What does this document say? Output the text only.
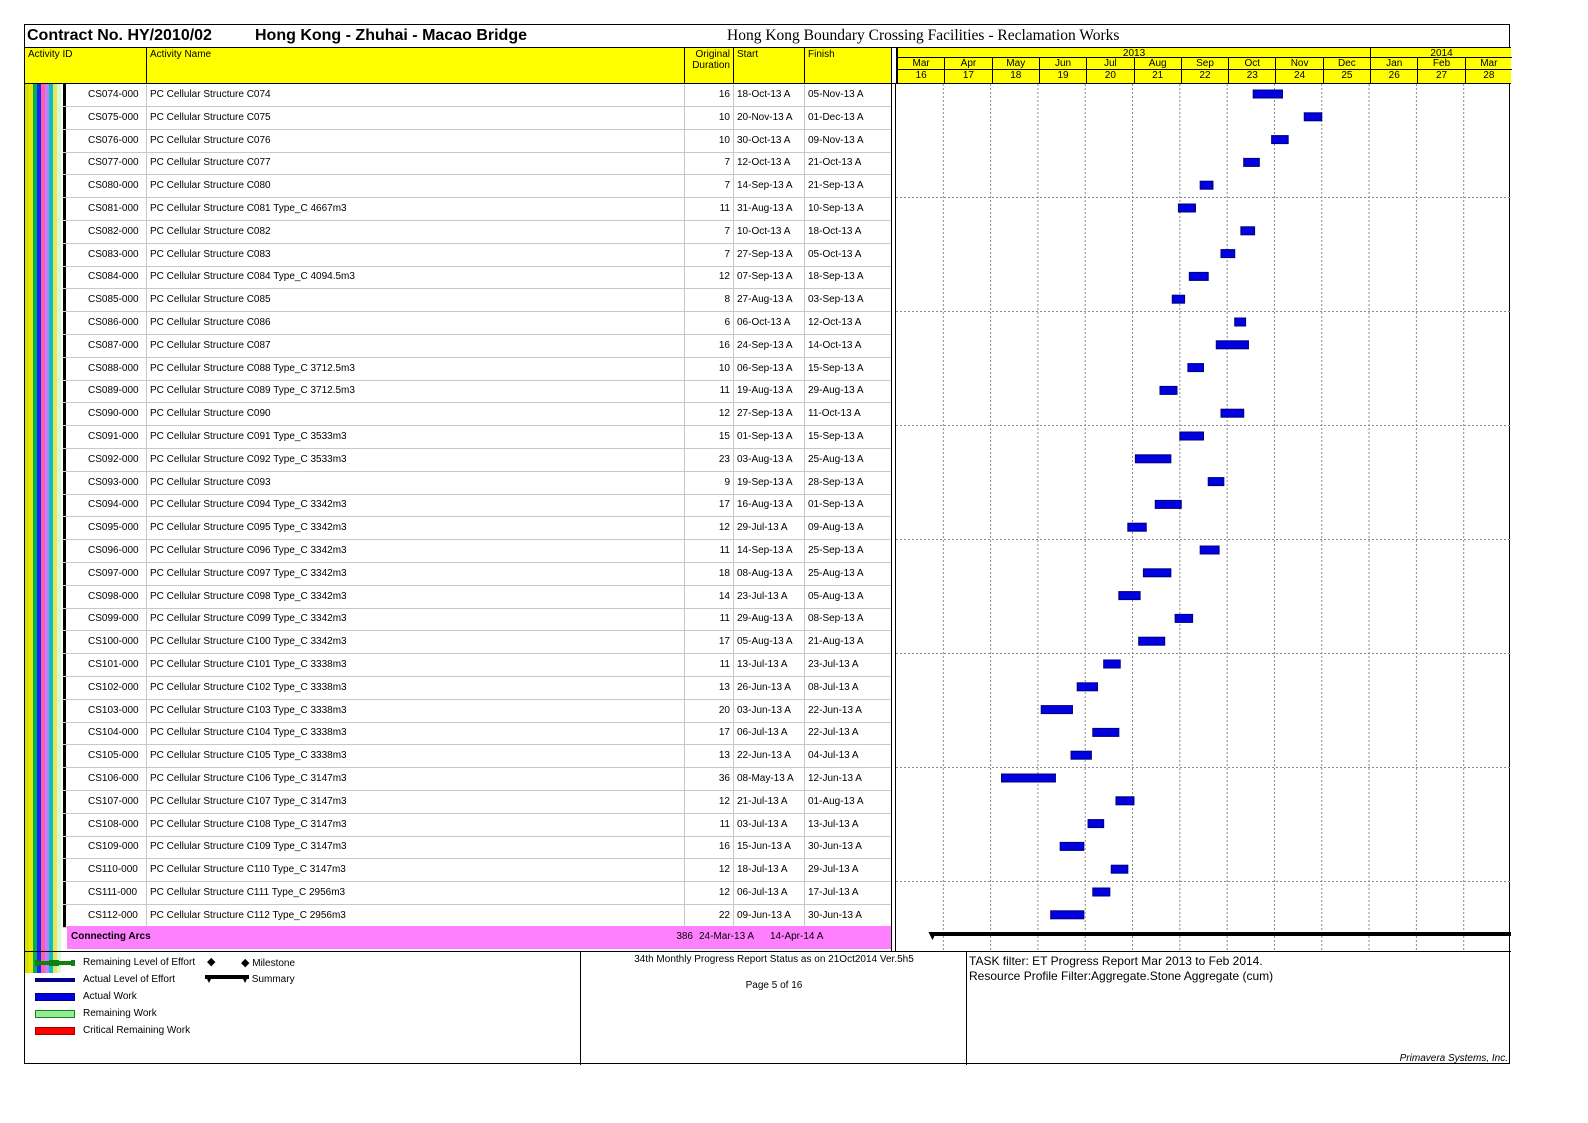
Contract No. HY/2010/02	Hong Kong - Zhuhai - Macao Bridge	Hong Kong Boundary Crossing Facilities - Reclamation Works
Activity ID	Activity Name	Original
Duration
Start	Finish	2013	2014
Mar	Apr	May	Jun	Jul	Aug	Sep	Oct	Nov	Dec	Jan	Feb	Mar
16	17	18	19	20	21	22	23	24	25	26	27	28
CS074-000	PC Cellular Structure C074	16 18-Oct-13 A	05-Nov-13 A
CS075-000	PC Cellular Structure C075	10 20-Nov-13 A	01-Dec-13 A
CS076-000	PC Cellular Structure C076	10 30-Oct-13 A	09-Nov-13 A
CS077-000	PC Cellular Structure C077	7 12-Oct-13 A	21-Oct-13 A
CS080-000	PC Cellular Structure C080	7 14-Sep-13 A	21-Sep-13 A
CS081-000	PC Cellular Structure C081 Type_C 4667m3	11 31-Aug-13 A	10-Sep-13 A
CS082-000	PC Cellular Structure C082	7 10-Oct-13 A	18-Oct-13 A
CS083-000	PC Cellular Structure C083	7 27-Sep-13 A	05-Oct-13 A
CS084-000	PC Cellular Structure C084 Type_C 4094.5m3	12 07-Sep-13 A	18-Sep-13 A
CS085-000	PC Cellular Structure C085	8 27-Aug-13 A	03-Sep-13 A
CS086-000	PC Cellular Structure C086	6 06-Oct-13 A	12-Oct-13 A
CS087-000	PC Cellular Structure C087	16 24-Sep-13 A	14-Oct-13 A
CS088-000	PC Cellular Structure C088 Type_C 3712.5m3	10 06-Sep-13 A	15-Sep-13 A
CS089-000	PC Cellular Structure C089 Type_C 3712.5m3	11 19-Aug-13 A	29-Aug-13 A
CS090-000	PC Cellular Structure C090	12 27-Sep-13 A	11-Oct-13 A
CS091-000	PC Cellular Structure C091 Type_C 3533m3	15 01-Sep-13 A	15-Sep-13 A
CS092-000	PC Cellular Structure C092 Type_C 3533m3	23 03-Aug-13 A	25-Aug-13 A
CS093-000	PC Cellular Structure C093	9 19-Sep-13 A	28-Sep-13 A
CS094-000	PC Cellular Structure C094 Type_C 3342m3	17 16-Aug-13 A	01-Sep-13 A
CS095-000	PC Cellular Structure C095 Type_C 3342m3	12 29-Jul-13 A	09-Aug-13 A
CS096-000	PC Cellular Structure C096 Type_C 3342m3	11 14-Sep-13 A	25-Sep-13 A
CS097-000	PC Cellular Structure C097 Type_C 3342m3	18 08-Aug-13 A	25-Aug-13 A
CS098-000	PC Cellular Structure C098 Type_C 3342m3	14 23-Jul-13 A	05-Aug-13 A
CS099-000	PC Cellular Structure C099 Type_C 3342m3	11 29-Aug-13 A	08-Sep-13 A
CS100-000	PC Cellular Structure C100 Type_C 3342m3	17 05-Aug-13 A	21-Aug-13 A
CS101-000	PC Cellular Structure C101 Type_C 3338m3	11 13-Jul-13 A	23-Jul-13 A
CS102-000	PC Cellular Structure C102 Type_C 3338m3	13 26-Jun-13 A	08-Jul-13 A
CS103-000	PC Cellular Structure C103 Type_C 3338m3	20 03-Jun-13 A	22-Jun-13 A
CS104-000	PC Cellular Structure C104 Type_C 3338m3	17 06-Jul-13 A	22-Jul-13 A
CS105-000	PC Cellular Structure C105 Type_C 3338m3	13 22-Jun-13 A	04-Jul-13 A
CS106-000	PC Cellular Structure C106 Type_C 3147m3	36 08-May-13 A	12-Jun-13 A
CS107-000	PC Cellular Structure C107 Type_C 3147m3	12 21-Jul-13 A	01-Aug-13 A
CS108-000	PC Cellular Structure C108 Type_C 3147m3	11 03-Jul-13 A	13-Jul-13 A
CS109-000	PC Cellular Structure C109 Type_C 3147m3	16 15-Jun-13 A	30-Jun-13 A
CS110-000	PC Cellular Structure C110 Type_C 3147m3	12 18-Jul-13 A	29-Jul-13 A
CS111-000	PC Cellular Structure C111 Type_C 2956m3	12 06-Jul-13 A	17-Jul-13 A
CS112-000	PC Cellular Structure C112 Type_C 2956m3	22 09-Jun-13 A	30-Jun-13 A
Connecting Arcs	386 24-Mar-13 A	14-Apr-14 A
Remaining Level of Effort ◆ ◆ Milestone
Actual Level of Effort	Summary
Actual Work
Remaining Work
Critical Remaining Work
34th Monthly Progress Report Status as on 21Oct2014 Ver.5h5
Page 5 of 16
TASK filter: ET Progress Report Mar 2013 to Feb 2014.
Resource Profile Filter:Aggregate.Stone Aggregate (cum)
Primavera Systems, Inc.
